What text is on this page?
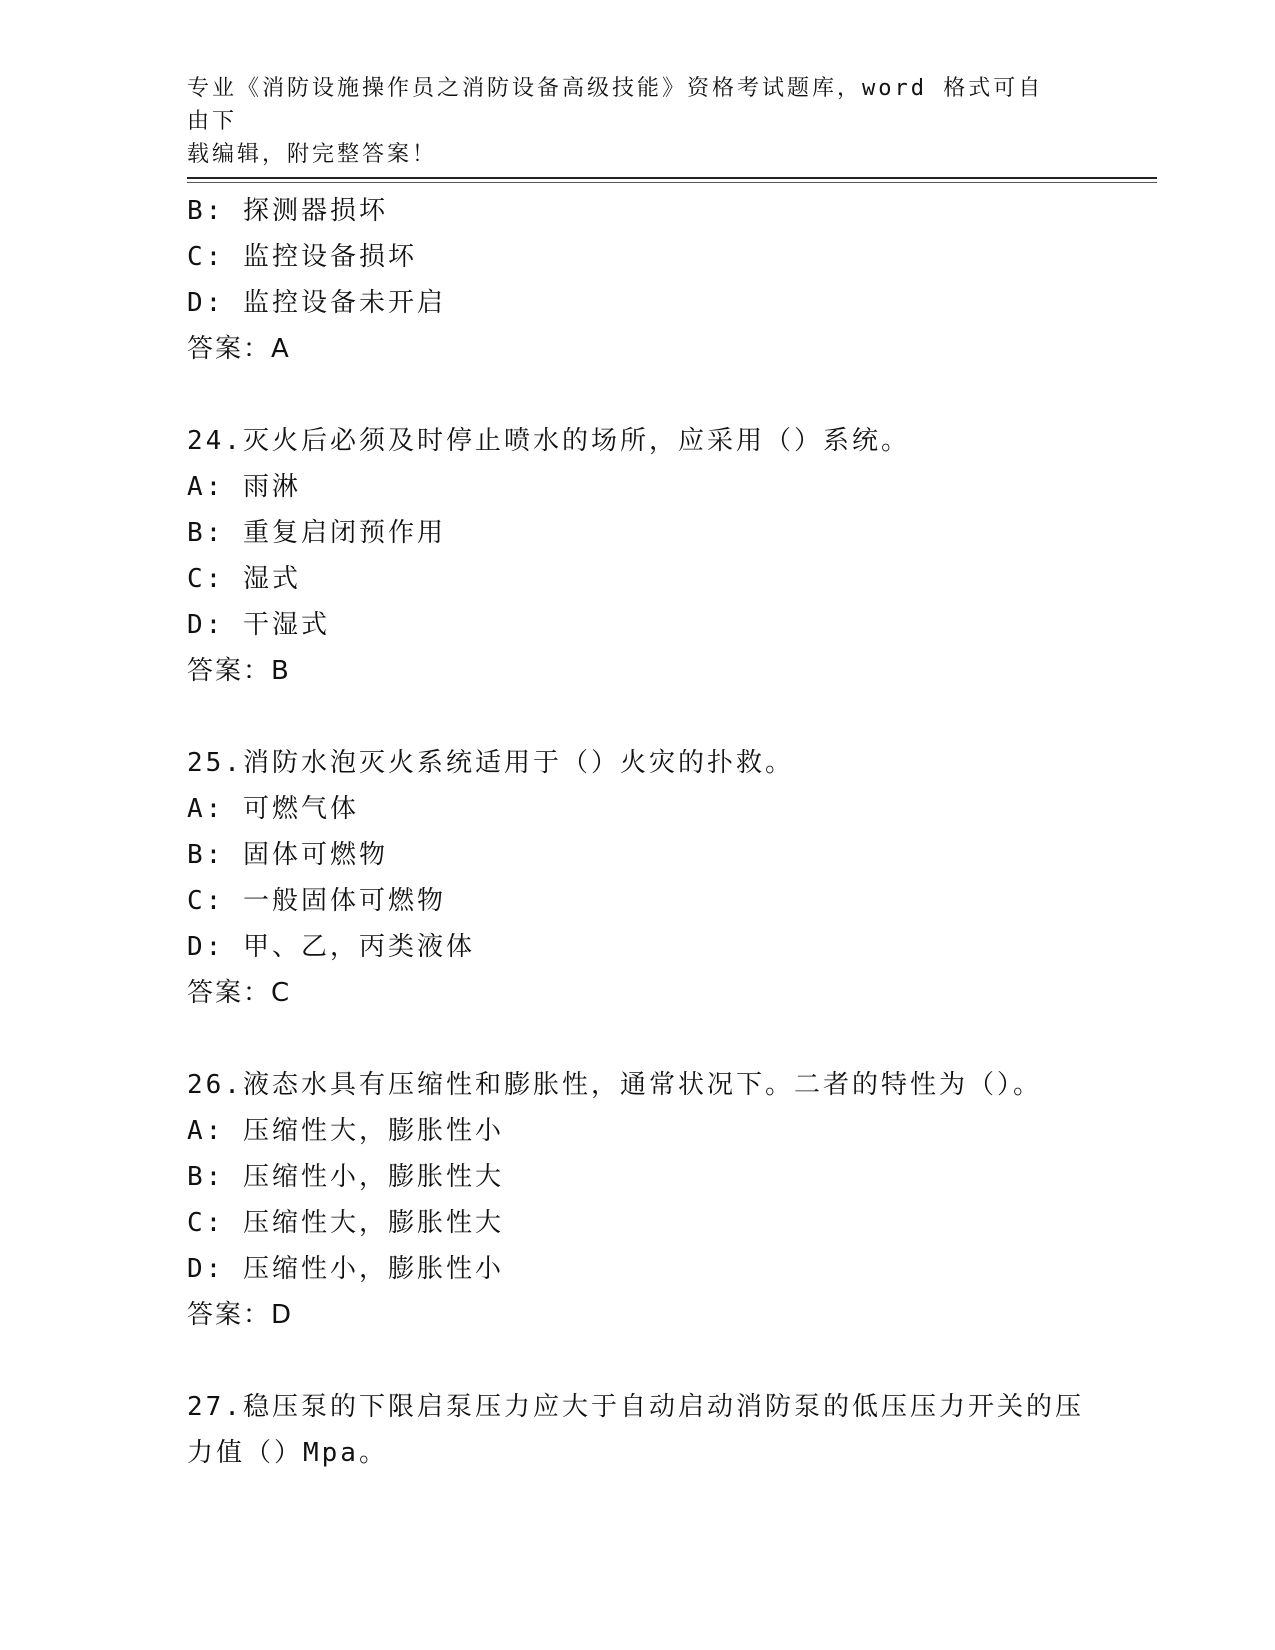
专业《消防设施操作员之消防设备高级技能》资格考试题库，word 格式可自由下
载编辑，附完整答案！
B: 探测器损坏
C: 监控设备损坏
D: 监控设备未开启
答案：A
24.灭火后必须及时停止喷水的场所，应采用（）系统。
A: 雨淋
B: 重复启闭预作用
C: 湿式
D: 干湿式
答案：B
25.消防水泡灭火系统适用于（）火灾的扑救。
A: 可燃气体
B: 固体可燃物
C: 一般固体可燃物
D: 甲、乙，丙类液体
答案：C
26.液态水具有压缩性和膨胀性，通常状况下。二者的特性为（）。
A: 压缩性大，膨胀性小
B: 压缩性小，膨胀性大
C: 压缩性大，膨胀性大
D: 压缩性小，膨胀性小
答案：D
27.稳压泵的下限启泵压力应大于自动启动消防泵的低压压力开关的压
力值（）Mpa。
